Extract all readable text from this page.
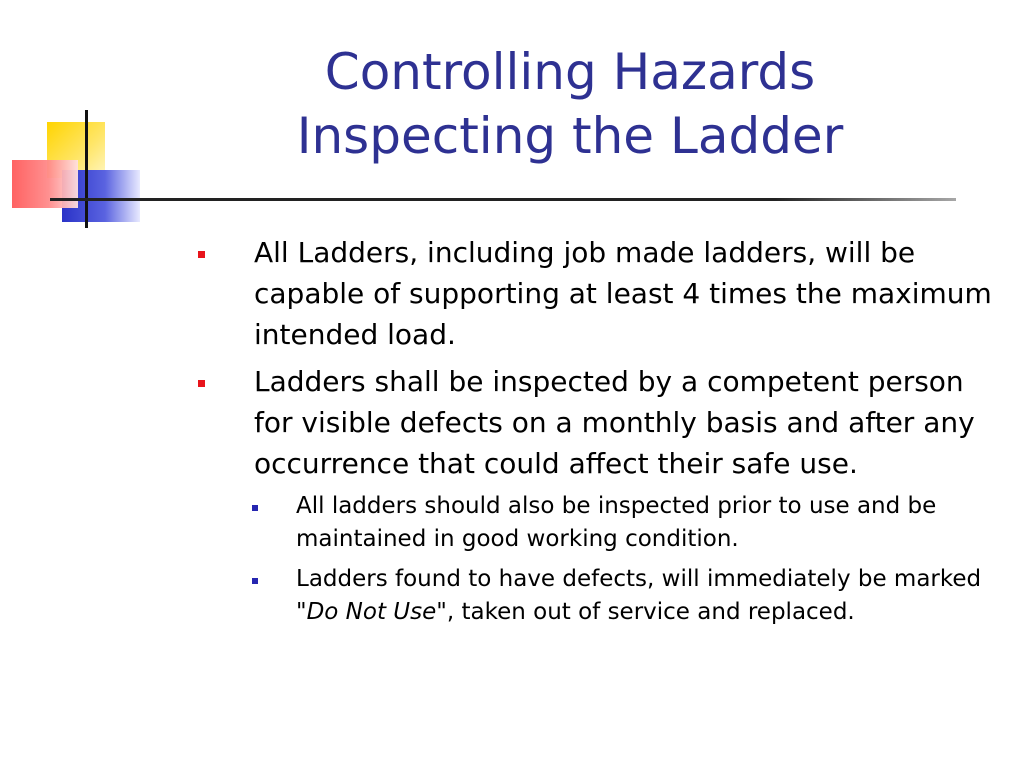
Controlling Hazards
Inspecting the Ladder
All Ladders, including job made ladders, will be capable of supporting at least 4 times the maximum intended load.
Ladders shall be inspected by a competent person for visible defects on a monthly basis and after any occurrence that could affect their safe use.
All ladders should also be inspected prior to use and be maintained in good working condition.
Ladders found to have defects, will immediately be marked "Do Not Use", taken out of service and replaced.
